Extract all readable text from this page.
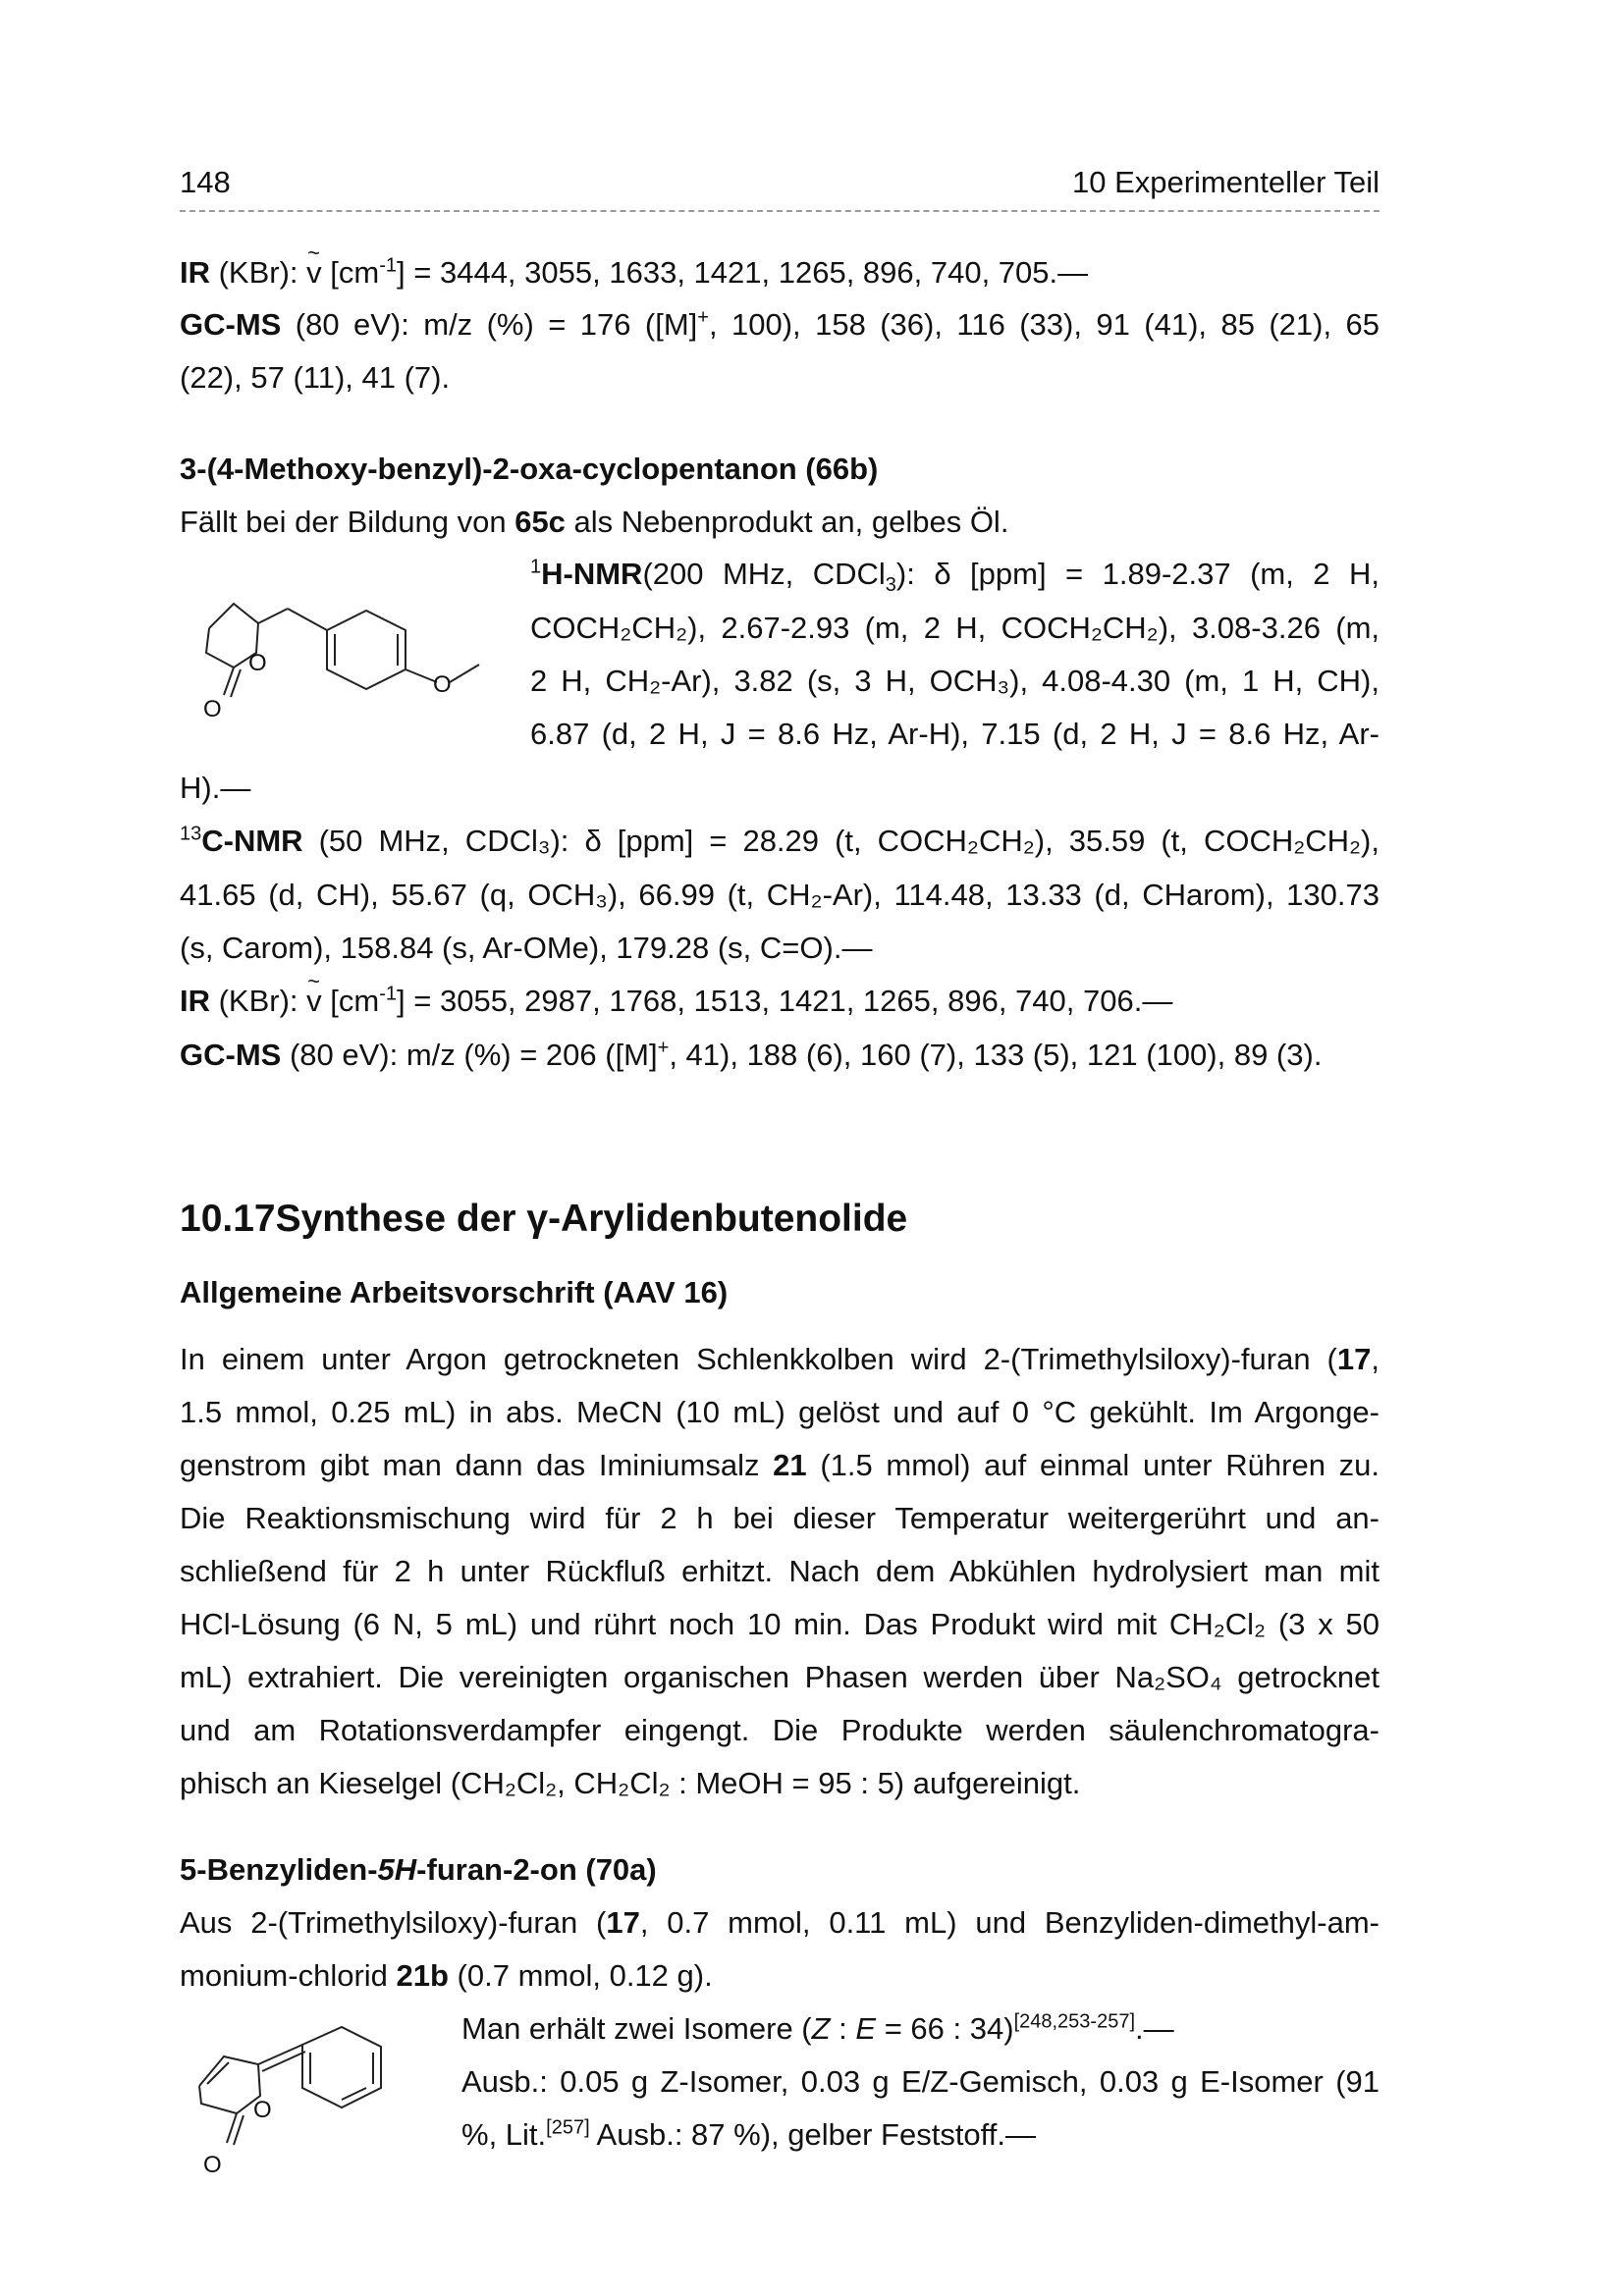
148	10 Experimenteller Teil
IR (KBr): ~ v $[cm^{-1}] = 3444$, 3055, 1633, 1421, 1265, 896, 740, 705.—
GC-MS (80 eV): m/z (%) = 176 ([M]+, 100), 158 (36), 116 (33), 91 (41), 85 (21), 65
(22), 57 (11), 41 (7).
3-(4-Methoxy-benzyl)-2-oxa-cyclopentanon (66b)
Fällt bei der Bildung von 65c als Nebenprodukt an, gelbes Öl.
O
O
O
$^1$H-NMR(200 MHz, CDCl$_3$): δ [ppm] = 1.89-2.37 (m, 2 H,
COCH₂CH₂), 2.67-2.93 (m, 2 H, COCH₂CH₂), 3.08-3.26 (m,
2 H, CH₂-Ar), 3.82 (s, 3 H, OCH₃), 4.08-4.30 (m, 1 H, CH),
6.87 (d, 2 H, J = 8.6 Hz, Ar-H), 7.15 (d, 2 H, J = 8.6 Hz, Ar-
H).—
$^{13}$C-NMR (50 MHz, CDCl₃): δ [ppm] = 28.29 (t, COCH₂CH₂), 35.59 (t, COCH₂CH₂),
41.65 (d, CH), 55.67 (q, OCH₃), 66.99 (t, CH₂-Ar), 114.48, 13.33 (d, CHarom), 130.73
(s, Carom), 158.84 (s, Ar-OMe), 179.28 (s, C=O).—
IR (KBr): ~ v $[cm^{-1}] = 3055$, 2987, 1768, 1513, 1421, 1265, 896, 740, 706.—
GC-MS (80 eV): m/z (%) = 206 ([M]+, 41), 188 (6), 160 (7), 133 (5), 121 (100), 89 (3).
10.17Synthese der γ-Arylidenbutenolide
Allgemeine Arbeitsvorschrift (AAV 16)
In einem unter Argon getrockneten Schlenkkolben wird 2-(Trimethylsiloxy)-furan (17,
1.5 mmol, 0.25 mL) in abs. MeCN (10 mL) gelöst und auf 0 °C gekühlt. Im Argonge-
genstrom gibt man dann das Iminiumsalz 21 (1.5 mmol) auf einmal unter Rühren zu.
Die Reaktionsmischung wird für 2 h bei dieser Temperatur weitergerührt und an-
schließend für 2 h unter Rückfluß erhitzt. Nach dem Abkühlen hydrolysiert man mit
HCl-Lösung (6 N, 5 mL) und rührt noch 10 min. Das Produkt wird mit CH₂Cl₂ (3 x 50
mL) extrahiert. Die vereinigten organischen Phasen werden über Na₂SO₄ getrocknet
und am Rotationsverdampfer eingengt. Die Produkte werden säulenchromatogra-
phisch an Kieselgel (CH₂Cl₂, CH₂Cl₂ : MeOH = 95 : 5) aufgereinigt.
5-Benzyliden-5H-furan-2-on (70a)
Aus 2-(Trimethylsiloxy)-furan (17, 0.7 mmol, 0.11 mL) und Benzyliden-dimethyl-am-
monium-chlorid 21b (0.7 mmol, 0.12 g).
O
O
Man erhält zwei Isomere (Z : E = 66 : 34)[248,253-257].—
Ausb.: 0.05 g Z-Isomer, 0.03 g E/Z-Gemisch, 0.03 g E-Isomer (91
%, Lit.[257] Ausb.: 87 %), gelber Feststoff.—
